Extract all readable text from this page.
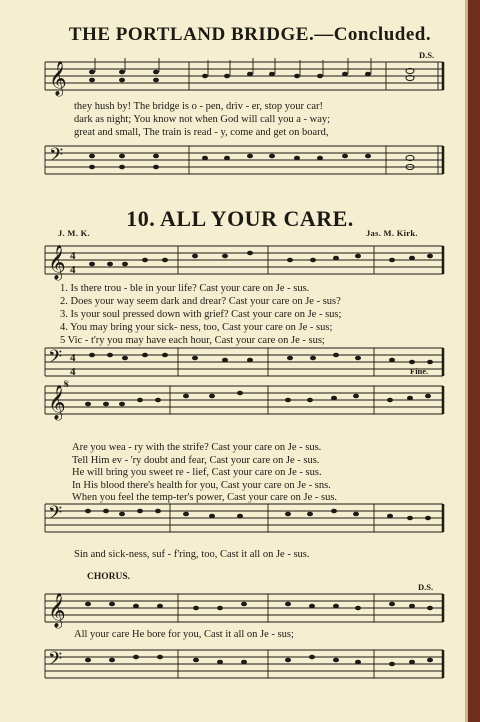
THE PORTLAND BRIDGE.—Concluded.
D.S.
𝄞
they hush by! The bridge is o - pen, driv - er, stop your car!
dark as night; You know not when God will call you a - way;
great and small, The train is read - y, come and get on board,
𝄢
10. ALL YOUR CARE.
J. M. K.	Jas. M. Kirk.
𝄞 4
4
1. Is there trou - ble in your life? Cast your care on Je - sus.
2. Does your way seem dark and drear? Cast your care on Je - sus?
3. Is your soul pressed down with grief? Cast your care on Je - sus;
4. You may bring your sick- ness, too, Cast your care on Je - sus;
5 Vic - t'ry you may have each hour, Cast your care on Je - sus;
𝄢 4
4	Fine.
𝄞
𝄋
Are you wea - ry with the strife? Cast your care on Je - sus.
Tell Him ev - 'ry doubt and fear, Cast your care on Je - sus.
He will bring you sweet re - lief, Cast your care on Je - sus.
In His blood there's health for you, Cast your care on Je - sns.
When you feel the temp-ter's power, Cast your care on Je - sus.
𝄢
Sin and sick-ness, suf - f'ring, too, Cast it all on Je - sus.
CHORUS.
D.S.
𝄞
All your care He bore for you, Cast it all on Je - sus;
𝄢
